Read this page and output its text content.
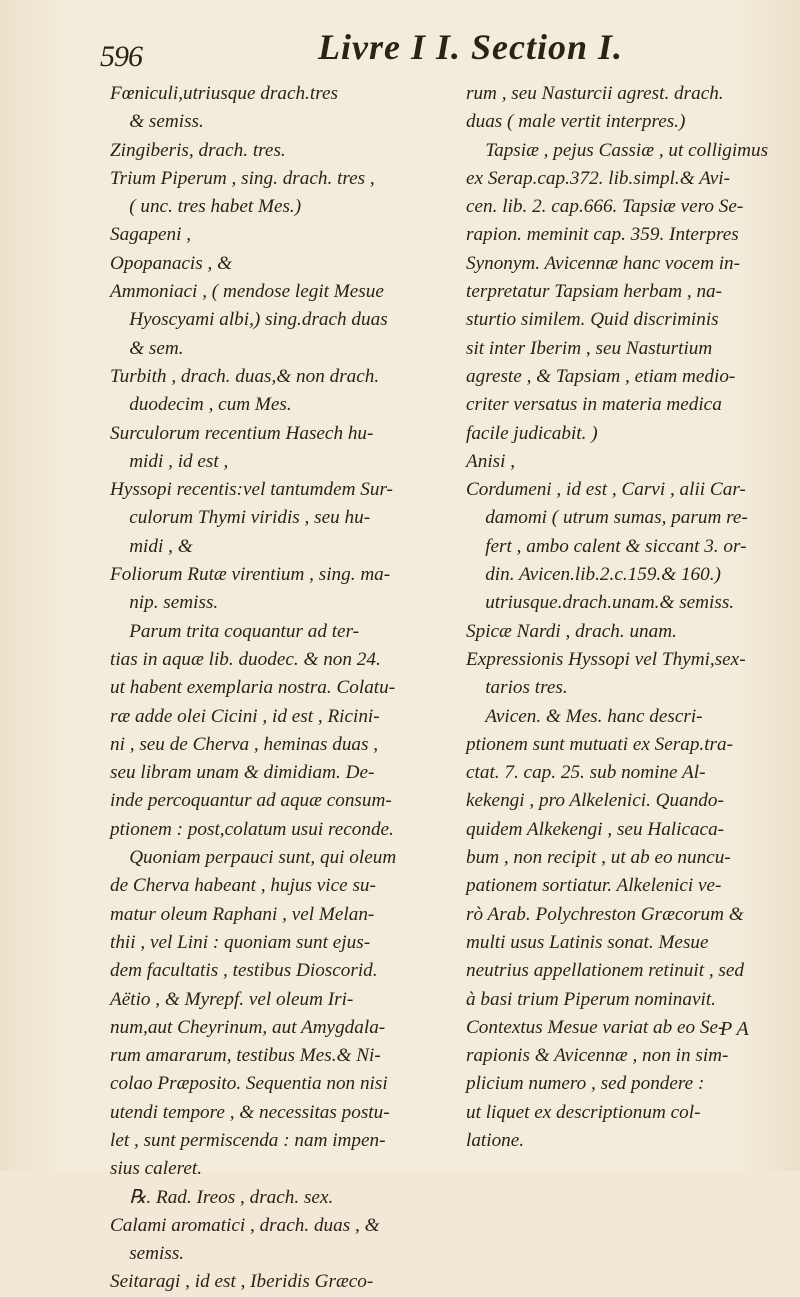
596	Livre I I. Section I.
Fœniculi,utriusque drach.tres
 & semiss.
Zingiberis, drach. tres.
Trium Piperum , sing. drach. tres ,
 ( unc. tres habet Mes.)
Sagapeni ,
Opopanacis , &
Ammoniaci , ( mendose legit Mesue
 Hyoscyami albi,) sing.drach duas
 & sem.
Turbith , drach. duas,& non drach.
 duodecim , cum Mes.
Surculorum recentium Hasech hu-
 midi , id est ,
Hyssopi recentis:vel tantumdem Sur-
 culorum Thymi viridis , seu hu-
 midi , &
Foliorum Rutæ virentium , sing. ma-
 nip. semiss.
 Parum trita coquantur ad ter-
tias in aquæ lib. duodec. & non 24.
ut habent exemplaria nostra. Colatu-
ræ adde olei Cicini , id est , Ricini-
ni , seu de Cherva , heminas duas ,
seu libram unam & dimidiam. De-
inde percoquantur ad aquæ consum-
ptionem : post,colatum usui reconde.
 Quoniam perpauci sunt, qui oleum
de Cherva habeant , hujus vice su-
matur oleum Raphani , vel Melan-
thii , vel Lini : quoniam sunt ejus-
dem facultatis , testibus Dioscorid.
Aëtio , & Myrepf. vel oleum Iri-
num,aut Cheyrinum, aut Amygdala-
rum amararum, testibus Mes.& Ni-
colao Præposito. Sequentia non nisi
utendi tempore , & necessitas postu-
let , sunt permiscenda : nam impen-
sius caleret.
 ℞. Rad. Ireos , drach. sex.
Calami aromatici , drach. duas , &
 semiss.
Seitaragi , id est , Iberidis Græco-
rum , seu Nasturcii agrest. drach.
duas ( male vertit interpres.)
 Tapsiæ , pejus Cassiæ , ut colligimus
ex Serap.cap.372. lib.simpl.& Avi-
cen. lib. 2. cap.666. Tapsiæ vero Se-
rapion. meminit cap. 359. Interpres
Synonym. Avicennæ hanc vocem in-
terpretatur Tapsiam herbam , na-
sturtio similem. Quid discriminis
sit inter Iberim , seu Nasturtium
agreste , & Tapsiam , etiam medio-
criter versatus in materia medica
facile judicabit. )
Anisi ,
Cordumeni , id est , Carvi , alii Car-
 damomi ( utrum sumas, parum re-
 fert , ambo calent & siccant 3. or-
 din. Avicen.lib.2.c.159.& 160.)
 utriusque.drach.unam.& semiss.
Spicæ Nardi , drach. unam.
Expressionis Hyssopi vel Thymi,sex-
 tarios tres.
 Avicen. & Mes. hanc descri-
ptionem sunt mutuati ex Serap.tra-
ctat. 7. cap. 25. sub nomine Al-
kekengi , pro Alkelenici. Quando-
quidem Alkekengi , seu Halicaca-
bum , non recipit , ut ab eo nuncu-
pationem sortiatur. Alkelenici ve-
rò Arab. Polychreston Græcorum &
multi usus Latinis sonat. Mesue
neutrius appellationem retinuit , sed
à basi trium Piperum nominavit.
Contextus Mesue variat ab eo Se-
rapionis & Avicennæ , non in sim-
plicium numero , sed pondere :
ut liquet ex descriptionum col-
latione.
P A
